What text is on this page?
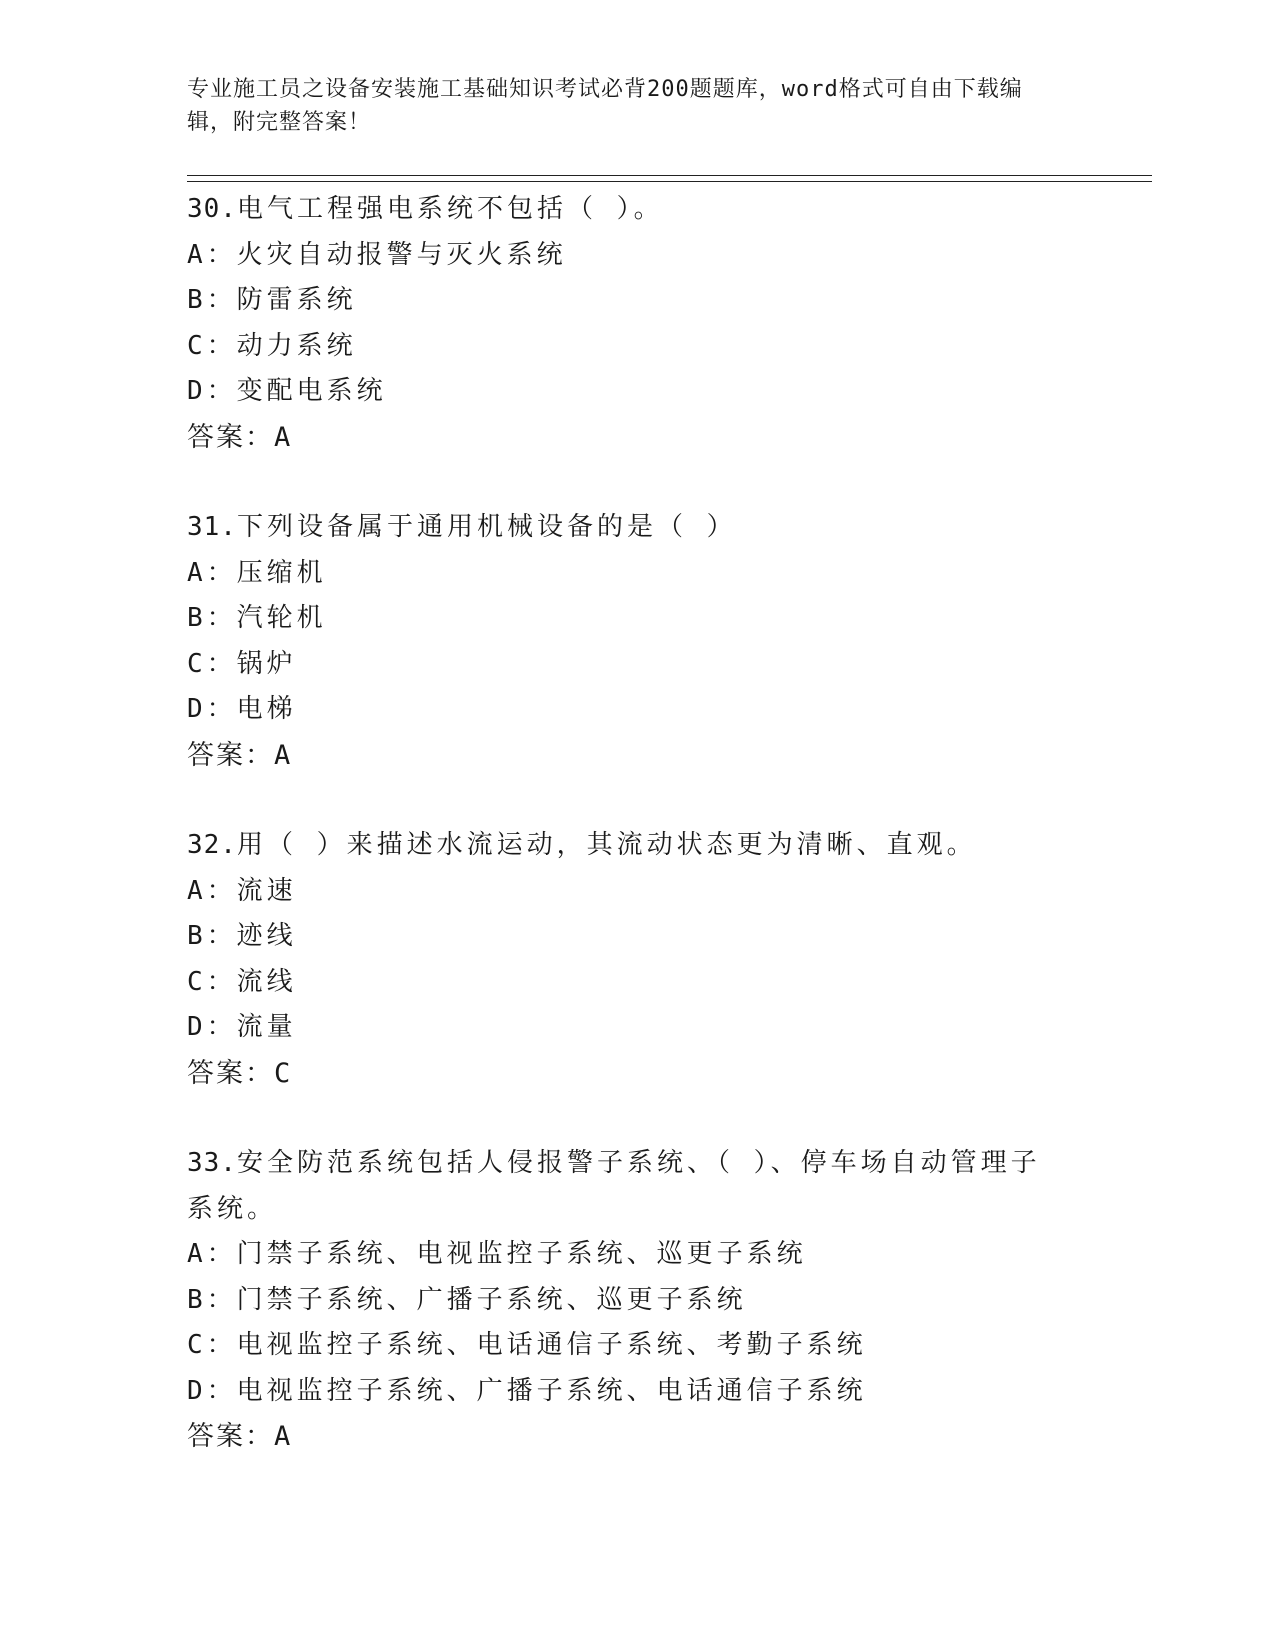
专业施工员之设备安装施工基础知识考试必背200题题库，word格式可自由下载编辑，附完整答案！
30.电气工程强电系统不包括（ ）。
A：火灾自动报警与灭火系统
B：防雷系统
C：动力系统
D：变配电系统
答案：A
31.下列设备属于通用机械设备的是（ ）
A：压缩机
B：汽轮机
C：锅炉
D：电梯
答案：A
32.用（ ）来描述水流运动，其流动状态更为清晰、直观。
A：流速
B：迹线
C：流线
D：流量
答案：C
33.安全防范系统包括人侵报警子系统、（ ）、停车场自动管理子系统。
A：门禁子系统、电视监控子系统、巡更子系统
B：门禁子系统、广播子系统、巡更子系统
C：电视监控子系统、电话通信子系统、考勤子系统
D：电视监控子系统、广播子系统、电话通信子系统
答案：A
